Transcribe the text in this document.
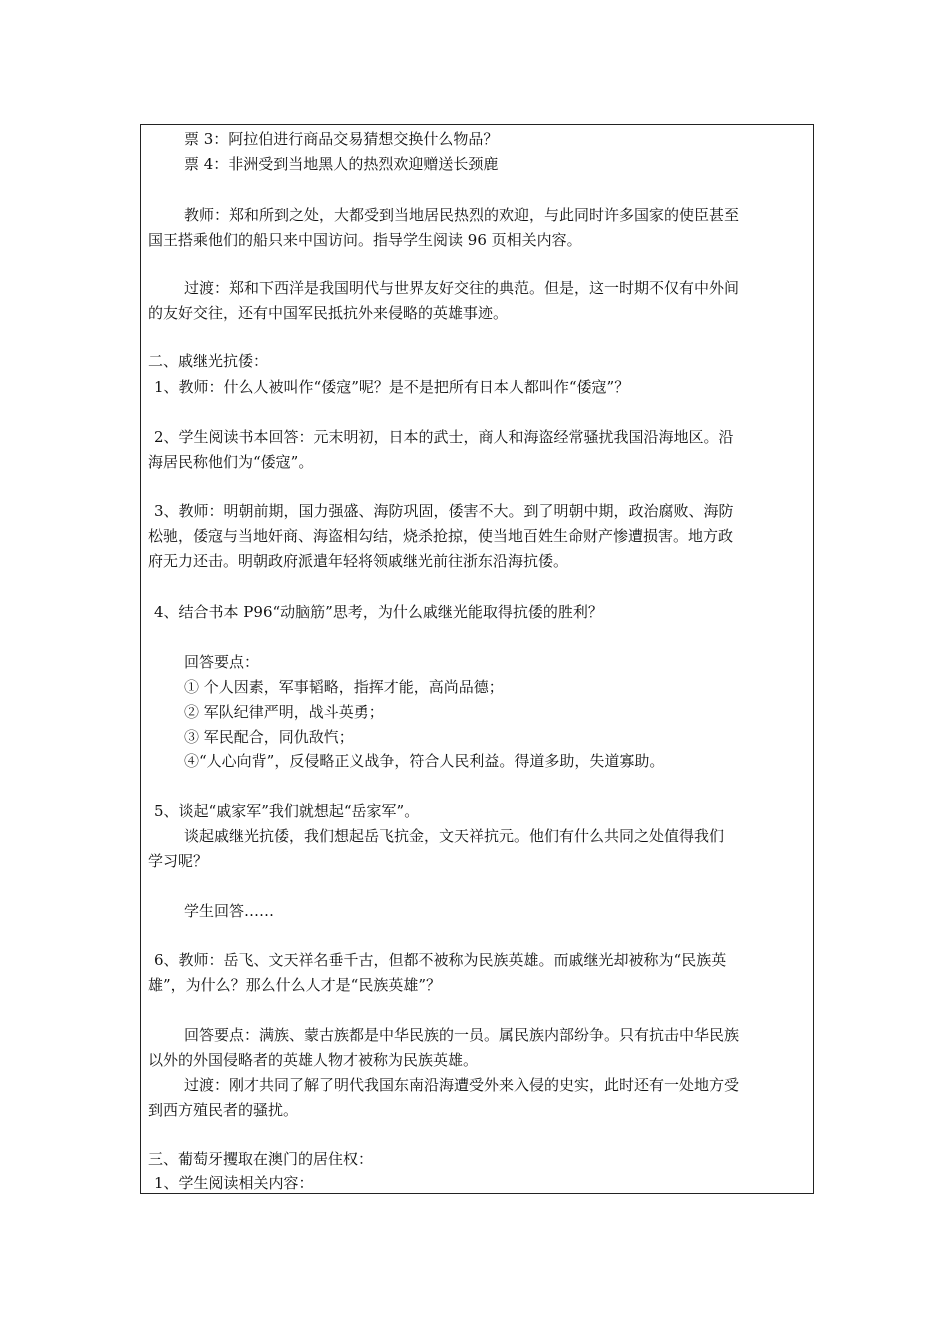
票 3：阿拉伯进行商品交易猜想交换什么物品？
票 4：非洲受到当地黑人的热烈欢迎赠送长颈鹿
教师：郑和所到之处，大都受到当地居民热烈的欢迎，与此同时许多国家的使臣甚至
国王搭乘他们的船只来中国访问。指导学生阅读 96 页相关内容。
过渡：郑和下西洋是我国明代与世界友好交往的典范。但是，这一时期不仅有中外间
的友好交往，还有中国军民抵抗外来侵略的英雄事迹。
二、戚继光抗倭：
1、教师：什么人被叫作“倭寇”呢？是不是把所有日本人都叫作“倭寇”？
2、学生阅读书本回答：元末明初，日本的武士，商人和海盗经常骚扰我国沿海地区。沿
海居民称他们为“倭寇”。
3、教师：明朝前期，国力强盛、海防巩固，倭害不大。到了明朝中期，政治腐败、海防
松驰，倭寇与当地奸商、海盗相勾结，烧杀抢掠，使当地百姓生命财产惨遭损害。地方政
府无力还击。明朝政府派遣年轻将领戚继光前往浙东沿海抗倭。
4、结合书本 P96“动脑筋”思考，为什么戚继光能取得抗倭的胜利？
回答要点：
① 个人因素，军事韬略，指挥才能，高尚品德；
② 军队纪律严明，战斗英勇；
③ 军民配合，同仇敌忾；
④“人心向背”，反侵略正义战争，符合人民利益。得道多助，失道寡助。
5、谈起“戚家军”我们就想起“岳家军”。
谈起戚继光抗倭，我们想起岳飞抗金，文天祥抗元。他们有什么共同之处值得我们
学习呢？
学生回答……
6、教师：岳飞、文天祥名垂千古，但都不被称为民族英雄。而戚继光却被称为“民族英
雄”，为什么？那么什么人才是“民族英雄”？
回答要点：满族、蒙古族都是中华民族的一员。属民族内部纷争。只有抗击中华民族
以外的外国侵略者的英雄人物才被称为民族英雄。
过渡：刚才共同了解了明代我国东南沿海遭受外来入侵的史实，此时还有一处地方受
到西方殖民者的骚扰。
三、葡萄牙攫取在澳门的居住权：
1、学生阅读相关内容：
